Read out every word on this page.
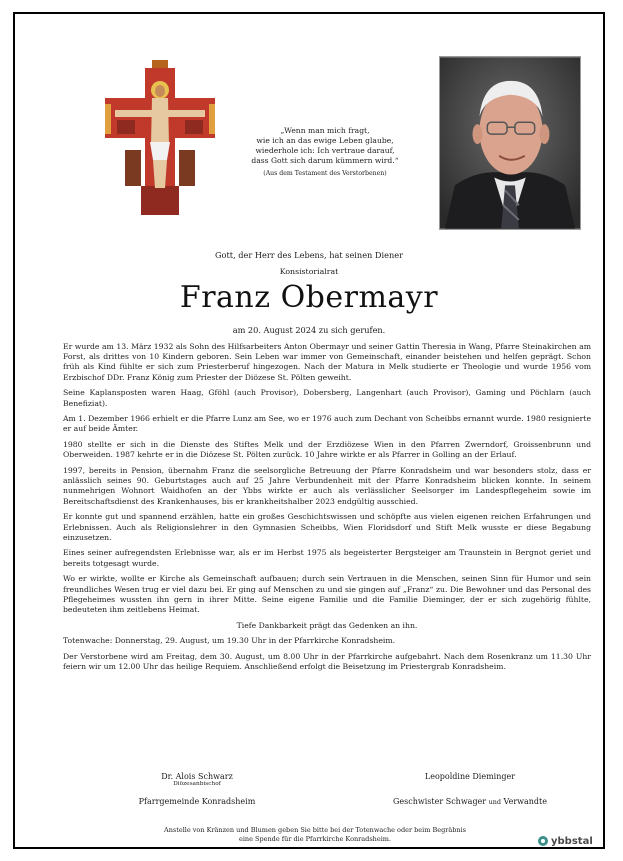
„Wenn man mich fragt,
wie ich an das ewige Leben glaube,
wiederhole ich: Ich vertraue darauf,
dass Gott sich darum kümmern wird.“
(Aus dem Testament des Verstorbenen)
Gott, der Herr des Lebens, hat seinen Diener
Konsistorialrat
Franz Obermayr
am 20. August 2024 zu sich gerufen.

Er wurde am 13. März 1932 als Sohn des Hilfsarbeiters Anton Obermayr und seiner Gattin Theresia in Wang, Pfarre Steinakirchen am Forst, als drittes von 10 Kindern geboren. Sein Leben war immer von Gemeinschaft, einander beistehen und helfen geprägt. Schon früh als Kind fühlte er sich zum Priesterberuf hingezogen. Nach der Matura in Melk studierte er Theologie und wurde 1956 vom Erzbischof DDr. Franz König zum Priester der Diözese St. Pölten geweiht.

Seine Kaplansposten waren Haag, Gföhl (auch Provisor), Dobersberg, Langenhart (auch Provisor), Gaming und Pöchlarn (auch Benefiziat).

Am 1. Dezember 1966 erhielt er die Pfarre Lunz am See, wo er 1976 auch zum Dechant von Scheibbs ernannt wurde. 1980 resignierte er auf beide Ämter.

1980 stellte er sich in die Dienste des Stiftes Melk und der Erzdiözese Wien in den Pfarren Zwerndorf, Groissenbrunn und Oberweiden. 1987 kehrte er in die Diözese St. Pölten zurück. 10 Jahre wirkte er als Pfarrer in Golling an der Erlauf.

1997, bereits in Pension, übernahm Franz die seelsorgliche Betreuung der Pfarre Konradsheim und war besonders stolz, dass er anlässlich seines 90. Geburtstages auch auf 25 Jahre Verbundenheit mit der Pfarre Konradsheim blicken konnte. In seinem nunmehrigen Wohnort Waidhofen an der Ybbs wirkte er auch als verlässlicher Seelsorger im Landespflegeheim sowie im Bereitschaftsdienst des Krankenhauses, bis er krankheitshalber 2023 endgültig ausschied.

Er konnte gut und spannend erzählen, hatte ein großes Geschichtswissen und schöpfte aus vielen eigenen reichen Erfahrungen und Erlebnissen. Auch als Religionslehrer in den Gymnasien Scheibbs, Wien Floridsdorf und Stift Melk wusste er diese Begabung einzusetzen.

Eines seiner aufregendsten Erlebnisse war, als er im Herbst 1975 als begeisterter Bergsteiger am Traunstein in Bergnot geriet und bereits totgesagt wurde.

Wo er wirkte, wollte er Kirche als Gemeinschaft aufbauen; durch sein Vertrauen in die Menschen, seinen Sinn für Humor und sein freundliches Wesen trug er viel dazu bei. Er ging auf Menschen zu und sie gingen auf „Franz“ zu. Die Bewohner und das Personal des Pflegeheimes wussten ihn gern in ihrer Mitte. Seine eigene Familie und die Familie Dieminger, der er sich zugehörig fühlte, bedeuteten ihm zeitlebens Heimat.

Tiefe Dankbarkeit prägt das Gedenken an ihn.

Totenwache: Donnerstag, 29. August, um 19.30 Uhr in der Pfarrkirche Konradsheim.

Der Verstorbene wird am Freitag, dem 30. August, um 8.00 Uhr in der Pfarrkirche aufgebahrt. Nach dem Rosenkranz um 11.30 Uhr feiern wir um 12.00 Uhr das heilige Requiem. Anschließend erfolgt die Beisetzung im Priestergrab Konradsheim.

Dr. Alois Schwarz
Diözesanbischof
Leopoldine Dieminger
Pfarrgemeinde Konradsheim	Geschwister Schwager und Verwandte
Anstelle von Kränzen und Blumen geben Sie bitte bei der Totenwache oder beim Begräbnis
eine Spende für die Pfarrkirche Konradsheim.	ybbstal
